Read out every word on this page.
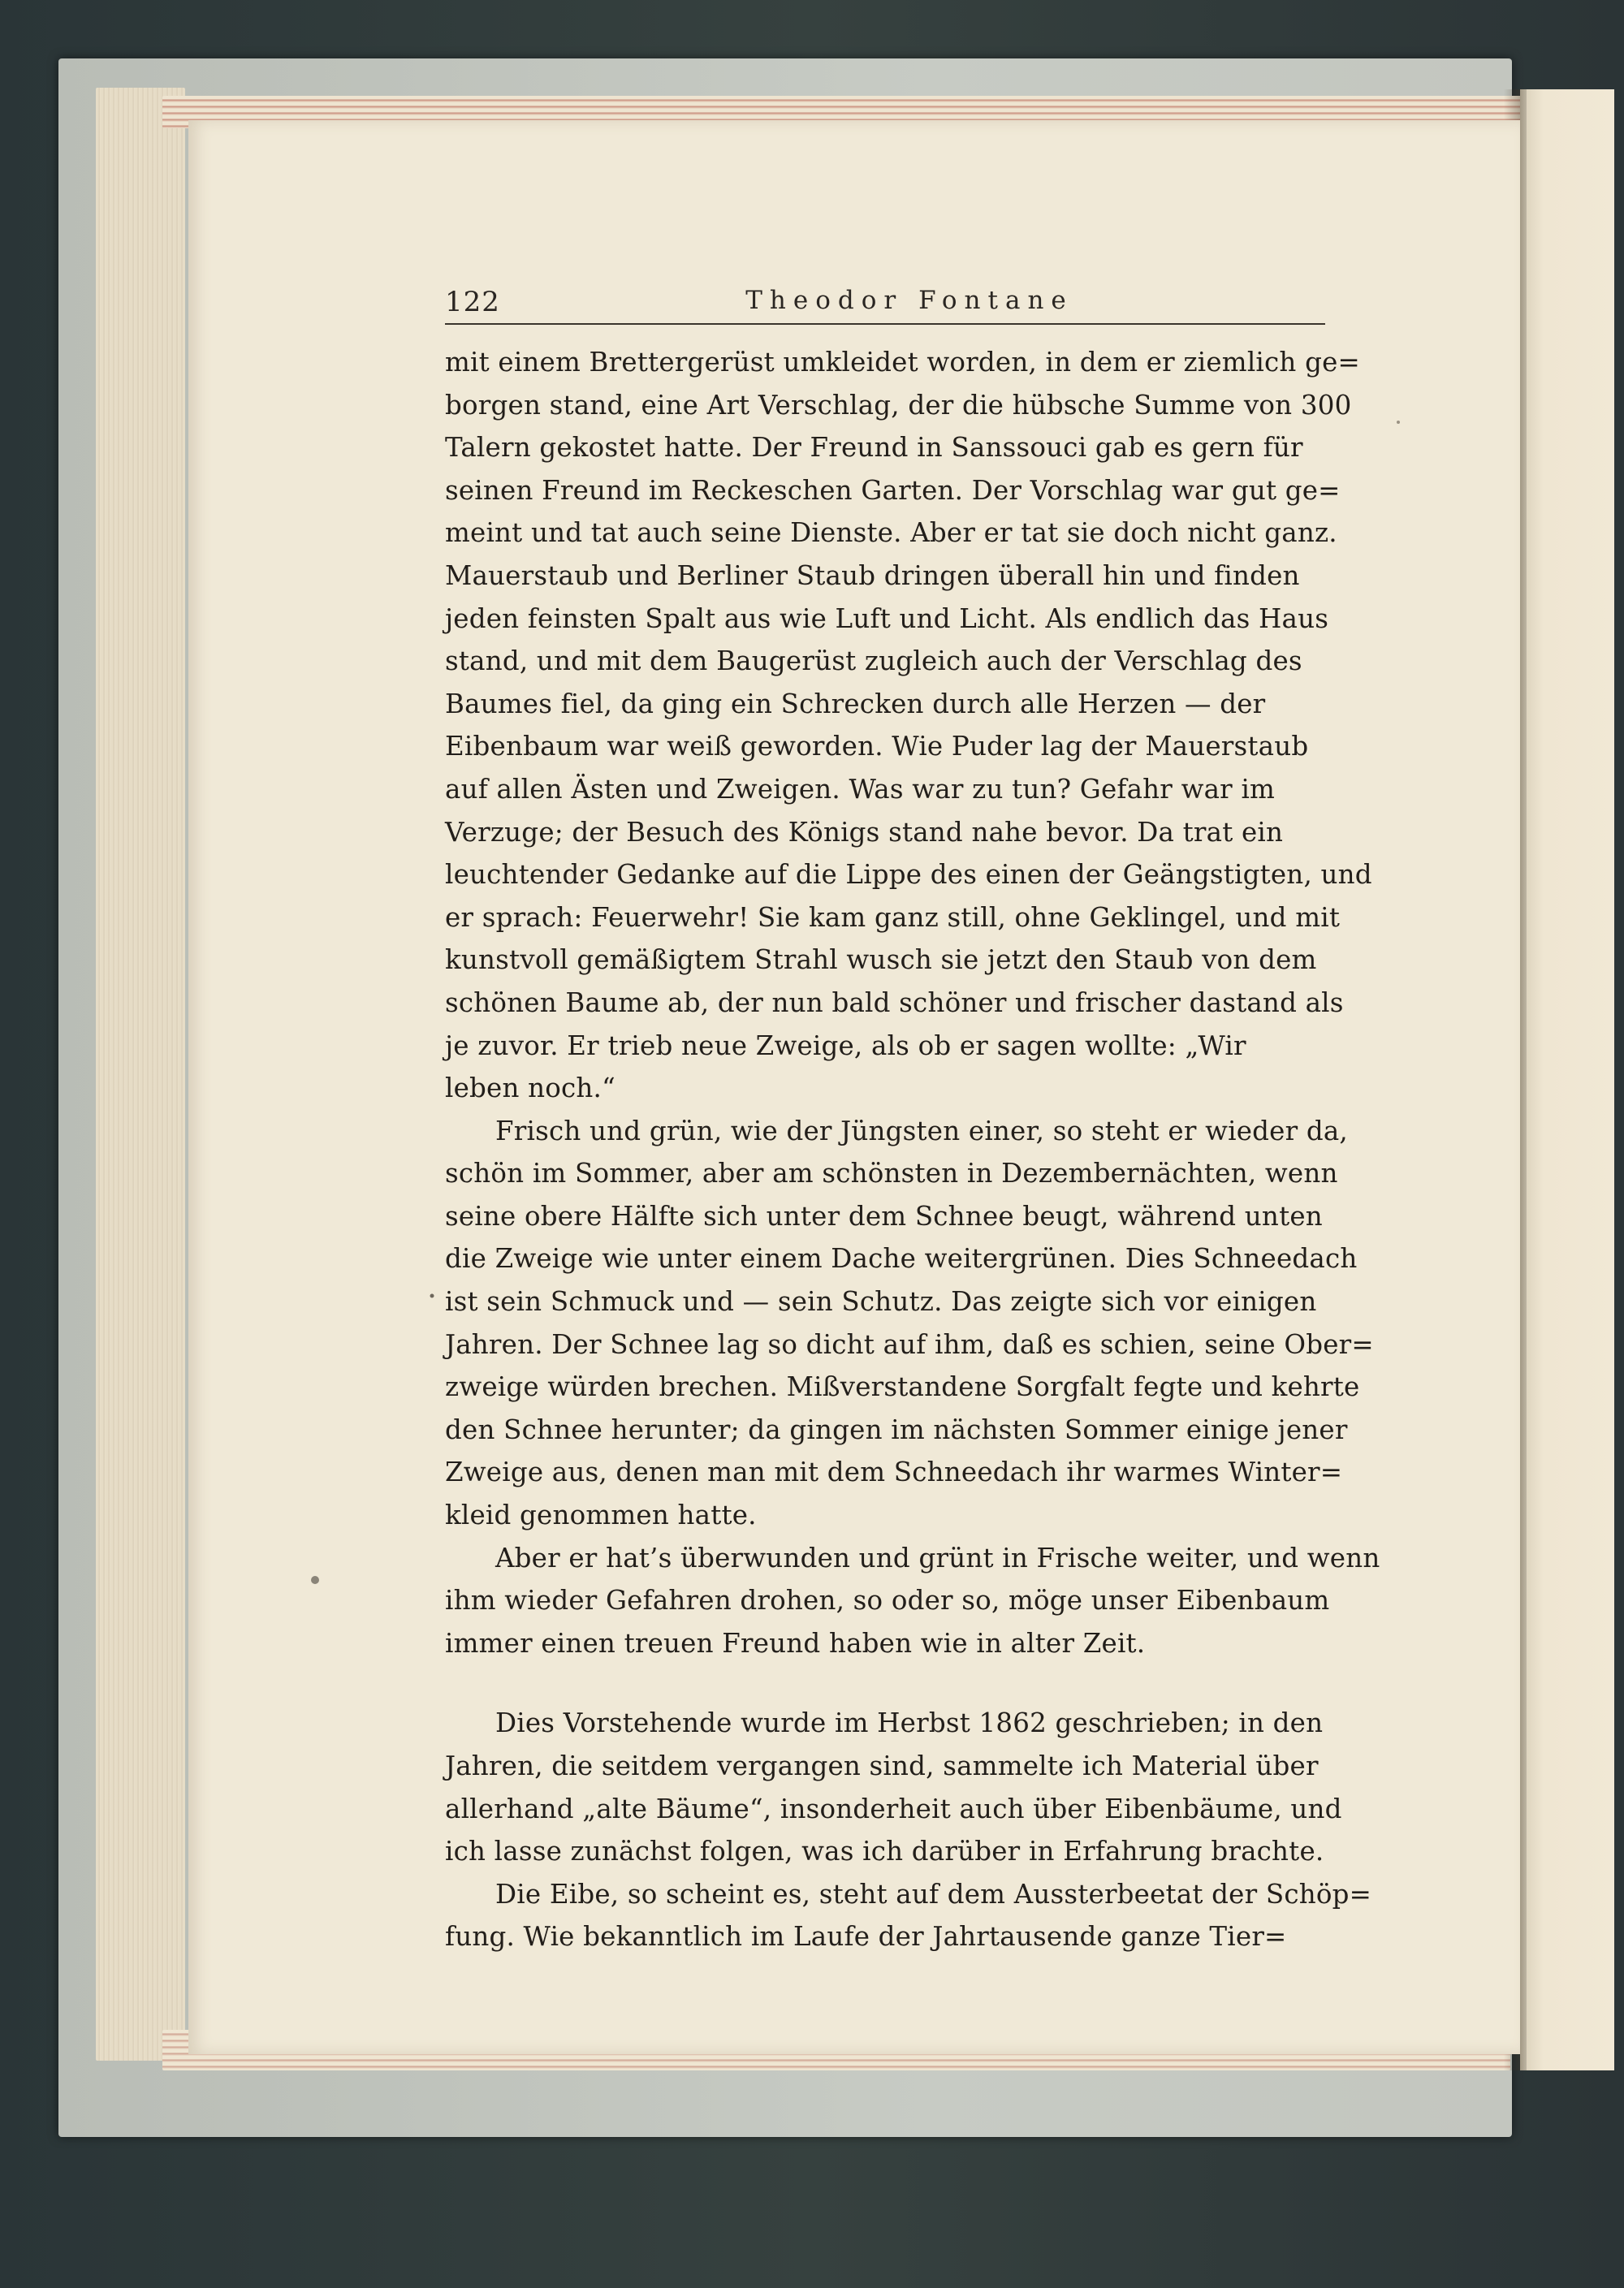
122	Theodor Fontane
mit einem Brettergerüst umkleidet worden, in dem er ziemlich ge=
borgen stand, eine Art Verschlag, der die hübsche Summe von 300
Talern gekostet hatte. Der Freund in Sanssouci gab es gern für
seinen Freund im Reckeschen Garten. Der Vorschlag war gut ge=
meint und tat auch seine Dienste. Aber er tat sie doch nicht ganz.
Mauerstaub und Berliner Staub dringen überall hin und finden
jeden feinsten Spalt aus wie Luft und Licht. Als endlich das Haus
stand, und mit dem Baugerüst zugleich auch der Verschlag des
Baumes fiel, da ging ein Schrecken durch alle Herzen — der
Eibenbaum war weiß geworden. Wie Puder lag der Mauerstaub
auf allen Ästen und Zweigen. Was war zu tun? Gefahr war im
Verzuge; der Besuch des Königs stand nahe bevor. Da trat ein
leuchtender Gedanke auf die Lippe des einen der Geängstigten, und
er sprach: Feuerwehr! Sie kam ganz still, ohne Geklingel, und mit
kunstvoll gemäßigtem Strahl wusch sie jetzt den Staub von dem
schönen Baume ab, der nun bald schöner und frischer dastand als
je zuvor. Er trieb neue Zweige, als ob er sagen wollte: „Wir
leben noch.“
Frisch und grün, wie der Jüngsten einer, so steht er wieder da,
schön im Sommer, aber am schönsten in Dezembernächten, wenn
seine obere Hälfte sich unter dem Schnee beugt, während unten
die Zweige wie unter einem Dache weitergrünen. Dies Schneedach
ist sein Schmuck und — sein Schutz. Das zeigte sich vor einigen
Jahren. Der Schnee lag so dicht auf ihm, daß es schien, seine Ober=
zweige würden brechen. Mißverstandene Sorgfalt fegte und kehrte
den Schnee herunter; da gingen im nächsten Sommer einige jener
Zweige aus, denen man mit dem Schneedach ihr warmes Winter=
kleid genommen hatte.
Aber er hat’s überwunden und grünt in Frische weiter, und wenn
ihm wieder Gefahren drohen, so oder so, möge unser Eibenbaum
immer einen treuen Freund haben wie in alter Zeit.
Dies Vorstehende wurde im Herbst 1862 geschrieben; in den
Jahren, die seitdem vergangen sind, sammelte ich Material über
allerhand „alte Bäume“, insonderheit auch über Eibenbäume, und
ich lasse zunächst folgen, was ich darüber in Erfahrung brachte.
Die Eibe, so scheint es, steht auf dem Aussterbeetat der Schöp=
fung. Wie bekanntlich im Laufe der Jahrtausende ganze Tier=
